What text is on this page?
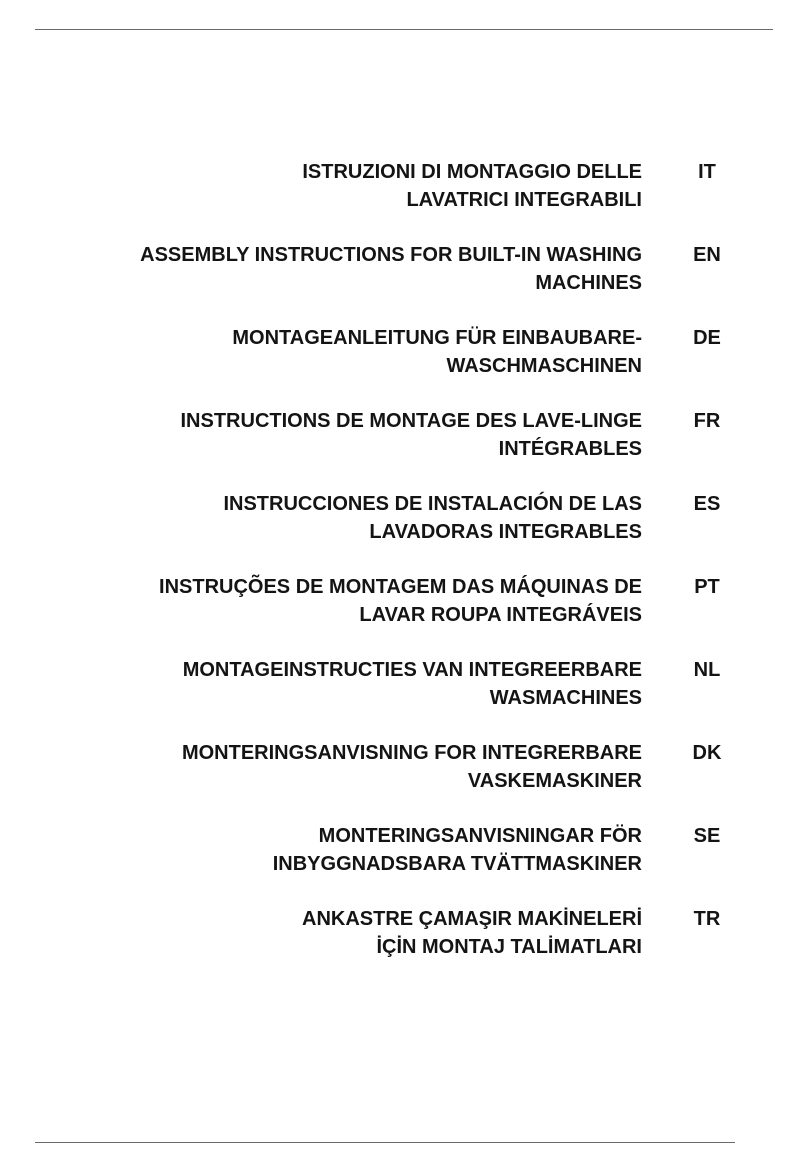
ISTRUZIONI DI MONTAGGIO DELLE
LAVATRICI INTEGRABILI
IT
ASSEMBLY INSTRUCTIONS FOR BUILT-IN WASHING
MACHINES
EN
MONTAGEANLEITUNG FÜR EINBAUBARE-
WASCHMASCHINEN
DE
INSTRUCTIONS DE MONTAGE DES LAVE-LINGE
INTÉGRABLES
FR
INSTRUCCIONES DE INSTALACIÓN DE LAS
LAVADORAS INTEGRABLES
ES
INSTRUÇÕES DE MONTAGEM DAS MÁQUINAS DE
LAVAR ROUPA INTEGRÁVEIS
PT
MONTAGEINSTRUCTIES VAN INTEGREERBARE
WASMACHINES
NL
MONTERINGSANVISNING FOR INTEGRERBARE
VASKEMASKINER
DK
MONTERINGSANVISNINGAR FÖR
INBYGGNADSBARA TVÄTTMASKINER
SE
ANKASTRE ÇAMAŞIR MAKİNELERİ
İÇİN MONTAJ TALİMATLARI
TR
